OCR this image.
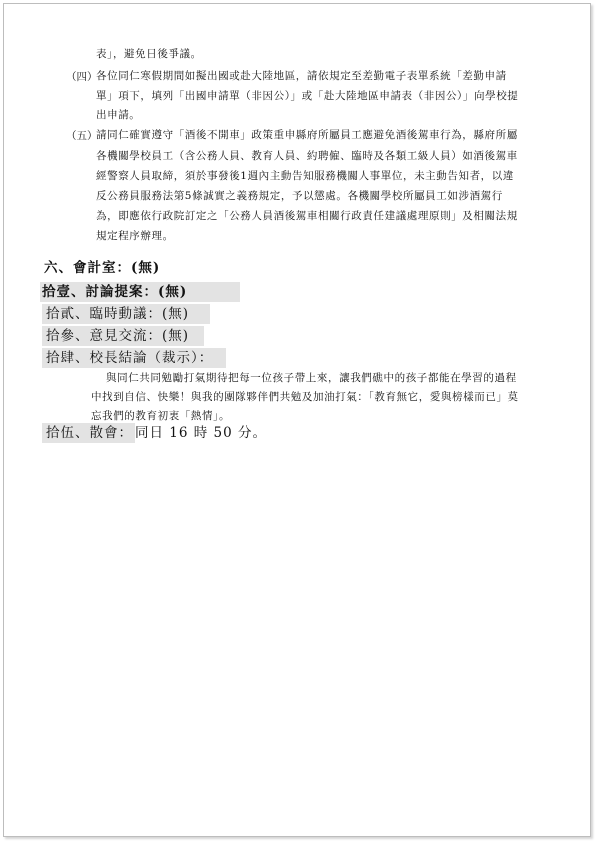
表」，避免日後爭議。
（四）
各位同仁寒假期間如擬出國或赴大陸地區，請依規定至差勤電子表單系統「差勤申請
單」項下，填列「出國申請單（非因公）」或「赴大陸地區申請表（非因公）」向學校提
出申請。
（五）
請同仁確實遵守「酒後不開車」政策重申縣府所屬員工應避免酒後駕車行為，縣府所屬
各機關學校員工（含公務人員、教育人員、約聘僱、臨時及各類工級人員）如酒後駕車
經警察人員取締，須於事發後1週內主動告知服務機關人事單位，未主動告知者，以違
反公務員服務法第5條誠實之義務規定，予以懲處。各機關學校所屬員工如涉酒駕行
為，即應依行政院訂定之「公務人員酒後駕車相關行政責任建議處理原則」及相關法規
規定程序辦理。
六、會計室：(無)
拾壹、討論提案：(無)
拾貳、臨時動議：(無)
拾參、意見交流：(無)
拾肆、校長結論（裁示）：
與同仁共同勉勵打氣期待把每一位孩子帶上來，讓我們礁中的孩子都能在學習的過程
中找到自信、快樂！與我的團隊夥伴們共勉及加油打氣：「教育無它，愛與榜樣而已」莫
忘我們的教育初衷「熱情」。
拾伍、散會： 同日 16 時 50 分。
